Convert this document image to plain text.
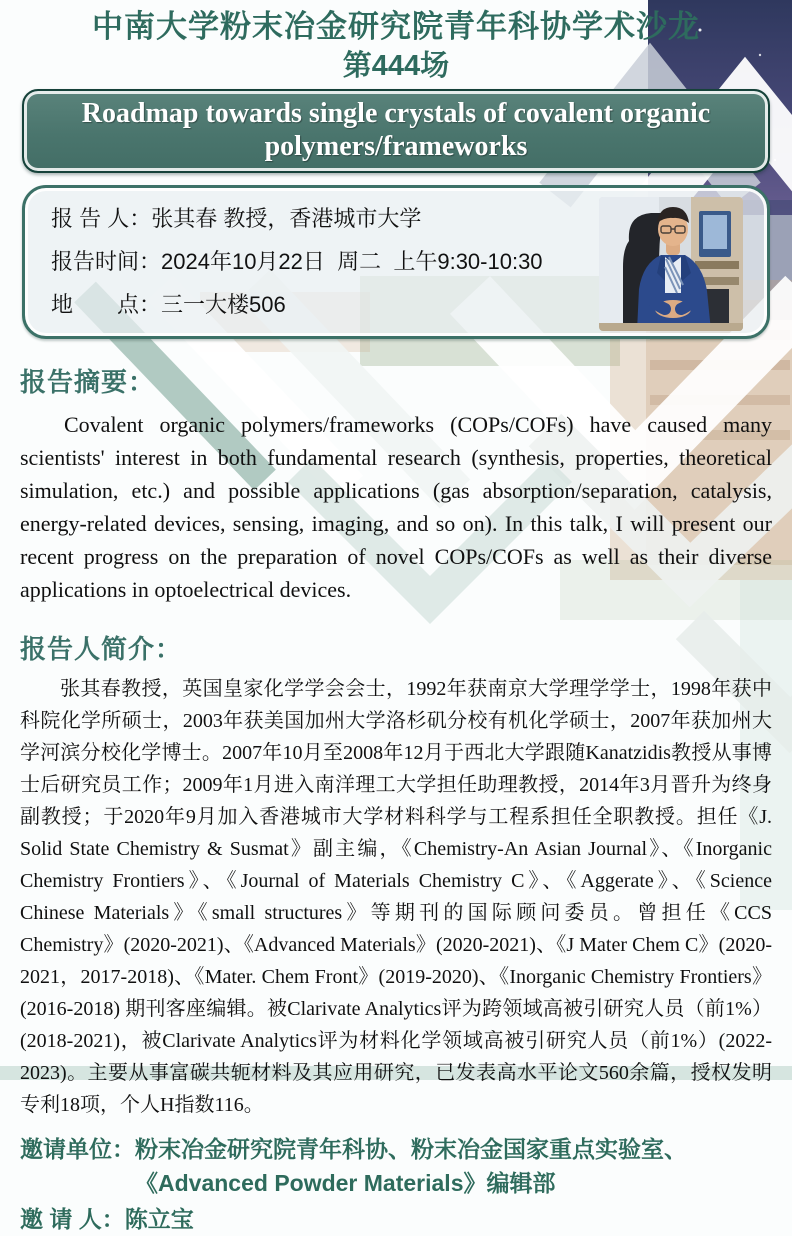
中南大学粉末冶金研究院青年科协学术沙龙
第444场
Roadmap towards single crystals of covalent organic polymers/frameworks
报 告 人： 张其春 教授，香港城市大学
报告时间： 2024年10月22日  周二  上午9:30-10:30
地　　点： 三一大楼506
报告摘要：
Covalent organic polymers/frameworks (COPs/COFs) have caused many scientists' interest in both fundamental research (synthesis, properties, theoretical simulation, etc.) and possible applications (gas absorption/separation, catalysis, energy-related devices, sensing, imaging, and so on). In this talk, I will present our recent progress on the preparation of novel COPs/COFs as well as their diverse applications in optoelectrical devices.
报告人简介：
张其春教授，英国皇家化学学会会士，1992年获南京大学理学学士，1998年获中科院化学所硕士，2003年获美国加州大学洛杉矶分校有机化学硕士，2007年获加州大学河滨分校化学博士。2007年10月至2008年12月于西北大学跟随Kanatzidis教授从事博士后研究员工作；2009年1月进入南洋理工大学担任助理教授，2014年3月晋升为终身副教授；于2020年9月加入香港城市大学材料科学与工程系担任全职教授。担任《J. Solid State Chemistry & Susmat》副主编，《Chemistry-An Asian Journal》、《Inorganic Chemistry Frontiers》、《Journal of Materials Chemistry C》、《Aggerate》、《Science Chinese Materials》《small structures》等期刊的国际顾问委员。曾担任《CCS Chemistry》(2020-2021)、《Advanced Materials》(2020-2021)、《J Mater Chem C》(2020-2021，2017-2018)、《Mater. Chem Front》(2019-2020)、《Inorganic Chemistry Frontiers》(2016-2018) 期刊客座编辑。被Clarivate Analytics评为跨领域高被引研究人员（前1%）(2018-2021)，被Clarivate Analytics评为材料化学领域高被引研究人员（前1%）(2022-2023)。主要从事富碳共轭材料及其应用研究，已发表高水平论文560余篇，授权发明专利18项，个人H指数116。
邀请单位： 粉末冶金研究院青年科协、粉末冶金国家重点实验室、
《Advanced Powder Materials》编辑部
邀 请 人： 陈立宝
